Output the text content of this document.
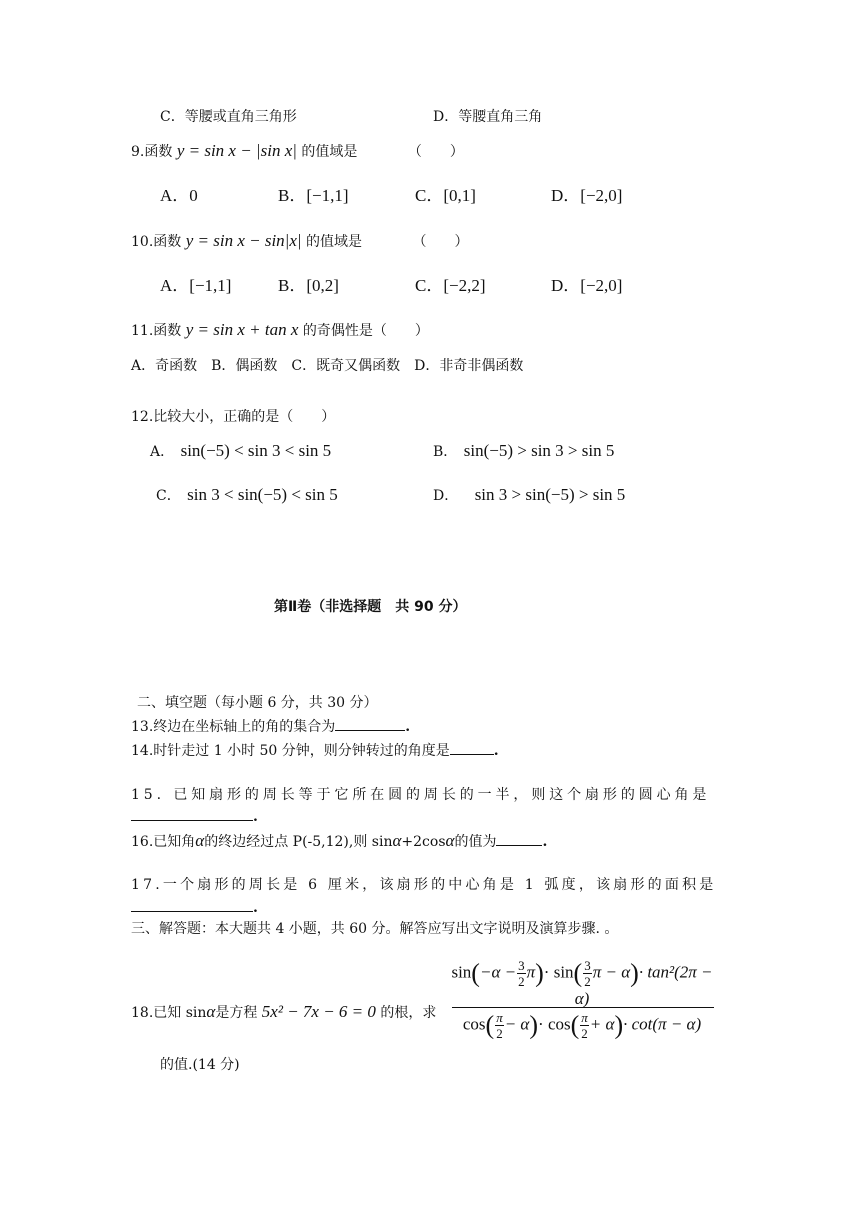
C．等腰或直角三角形	D．等腰直角三角
9.函数 y = sin x − |sin x| 的值域是	（　　）
A．0	B．[−1,1]	C．[0,1]	D．[−2,0]
10.函数 y = sin x − sin|x| 的值域是	（　　）
A．[−1,1]	B．[0,2]	C．[−2,2]	D．[−2,0]
11.函数 y = sin x + tan x 的奇偶性是（　　）
A．奇函数　B．偶函数　C．既奇又偶函数　D．非奇非偶函数
12.比较大小，正确的是（　　）
A． sin(−5) < sin 3 < sin 5	B． sin(−5) > sin 3 > sin 5
C． sin 3 < sin(−5) < sin 5	D． sin 3 > sin(−5) > sin 5
第Ⅱ卷（非选择题　共 90 分）
二、填空题（每小题 6 分，共 30 分）
13.终边在坐标轴上的角的集合为	.
14.时针走过 1 小时 50 分钟，则分钟转过的角度是	.
15. 已知扇形的周长等于它所在圆的周长的一半，则这个扇形的圆心角是
.
16.已知角α的终边经过点 P(-5,12),则 sinα+2cosα的值为	.
17.一个扇形的周长是 6 厘米，该扇形的中心角是 1 弧度，该扇形的面积是
.
三、解答题：本大题共 4 小题，共 60 分。解答应写出文字说明及演算步骤. 。
18.已知 sinα是方程 5x² − 7x − 6 = 0 的根，求
$\sin(-\alpha - \frac{3}{2} \pi)\cdot \sin( \frac{3}{2}$ π − α)· tan²(2π − α)
$\cos( \frac{\pi}{2} - \alpha)\cdot \cos( \frac{\pi}{2} + \alpha)\cdot \cot(\pi - \alpha)$
的值.(14 分)
